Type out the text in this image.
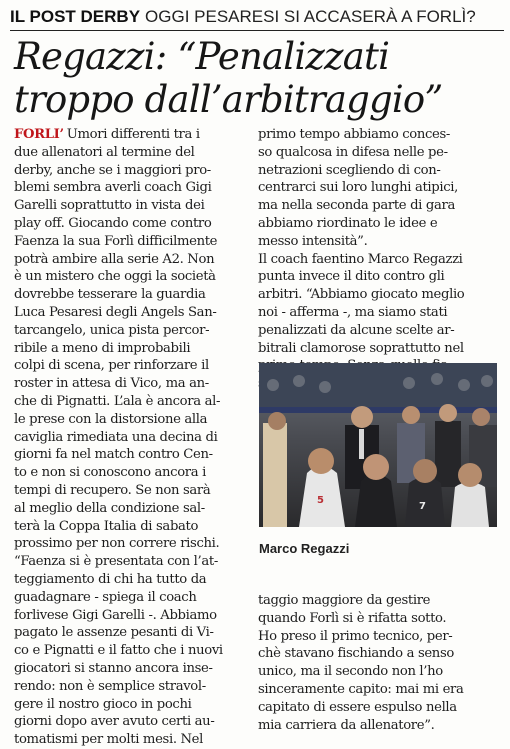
IL POST DERBY OGGI PESARESI SI ACCASERÀ A FORLÌ?
Regazzi: “Penalizzati
troppo dall’arbitraggio”
FORLI’ Umori differenti tra i
due allenatori al termine del
derby, anche se i maggiori pro-
blemi sembra averli coach Gigi
Garelli soprattutto in vista dei
play off. Giocando come contro
Faenza la sua Forlì difficilmente
potrà ambire alla serie A2. Non
è un mistero che oggi la società
dovrebbe tesserare la guardia
Luca Pesaresi degli Angels San-
tarcangelo, unica pista percor-
ribile a meno di improbabili
colpi di scena, per rinforzare il
roster in attesa di Vico, ma an-
che di Pignatti. L’ala è ancora al-
le prese con la distorsione alla
caviglia rimediata una decina di
giorni fa nel match contro Cen-
to e non si conoscono ancora i
tempi di recupero. Se non sarà
al meglio della condizione sal-
terà la Coppa Italia di sabato
prossimo per non correre rischi.
“Faenza si è presentata con l’at-
teggiamento di chi ha tutto da
guadagnare - spiega il coach
forlivese Gigi Garelli -. Abbiamo
pagato le assenze pesanti di Vi-
co e Pignatti e il fatto che i nuovi
giocatori si stanno ancora inse-
rendo: non è semplice stravol-
gere il nostro gioco in pochi
giorni dopo aver avuto certi au-
tomatismi per molti mesi. Nel
primo tempo abbiamo conces-
so qualcosa in difesa nelle pe-
netrazioni scegliendo di con-
centrarci sui loro lunghi atipici,
ma nella seconda parte di gara
abbiamo riordinato le idee e
messo intensità”.
Il coach faentino Marco Regazzi
punta invece il dito contro gli
arbitri. “Abbiamo giocato meglio
noi - afferma -, ma siamo stati
penalizzati da alcune scelte ar-
bitrali clamorose soprattutto nel
5
7
Marco Regazzi
taggio maggiore da gestire
quando Forlì si è rifatta sotto.
Ho preso il primo tecnico, per-
chè stavano fischiando a senso
unico, ma il secondo non l’ho
sinceramente capito: mai mi era
capitato di essere espulso nella
mia carriera da allenatore”.
